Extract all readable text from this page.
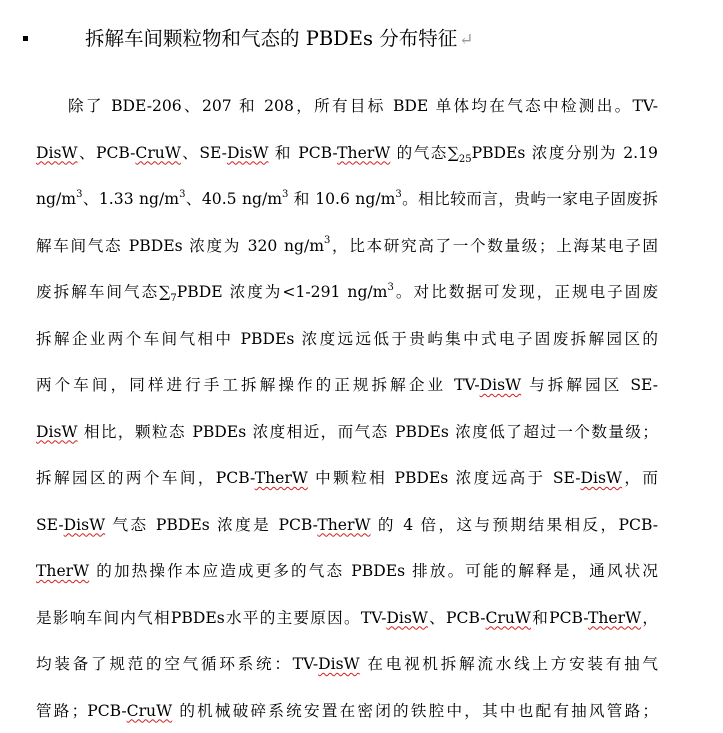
拆解车间颗粒物和气态的 PBDEs 分布特征 ↵
除了 BDE-206、207 和 208，所有目标 BDE 单体均在气态中检测出。TV-
DisW、PCB-CruW、SE-DisW 和 PCB-TherW 的气态$\sum_{25}PBDEs$ 浓度分别为 2.19
$ng/m^3$、1.33 $ng/m^3$、40.5 $ng/m^3$ 和 10.6 $ng/m^3$。相比较而言，贵屿一家电子固废拆
解车间气态 PBDEs 浓度为 320 $ng/m^3$，比本研究高了一个数量级；上海某电子固
废拆解车间气态$\sum_7PBDE$ 浓度为<1-291 $ng/m^3$。对比数据可发现，正规电子固废
拆解企业两个车间气相中 PBDEs 浓度远远低于贵屿集中式电子固废拆解园区的
两个车间，同样进行手工拆解操作的正规拆解企业 TV-DisW 与拆解园区 SE-
DisW 相比，颗粒态 PBDEs 浓度相近，而气态 PBDEs 浓度低了超过一个数量级；
拆解园区的两个车间，PCB-TherW 中颗粒相 PBDEs 浓度远高于 SE-DisW，而
SE-DisW 气态 PBDEs 浓度是 PCB-TherW 的 4 倍，这与预期结果相反，PCB-
TherW 的加热操作本应造成更多的气态 PBDEs 排放。可能的解释是，通风状况
是影响车间内气相PBDEs水平的主要原因。TV-DisW、PCB-CruW和PCB-TherW，
均装备了规范的空气循环系统：TV-DisW 在电视机拆解流水线上方安装有抽气
管路；PCB-CruW 的机械破碎系统安置在密闭的铁腔中，其中也配有抽风管路；
